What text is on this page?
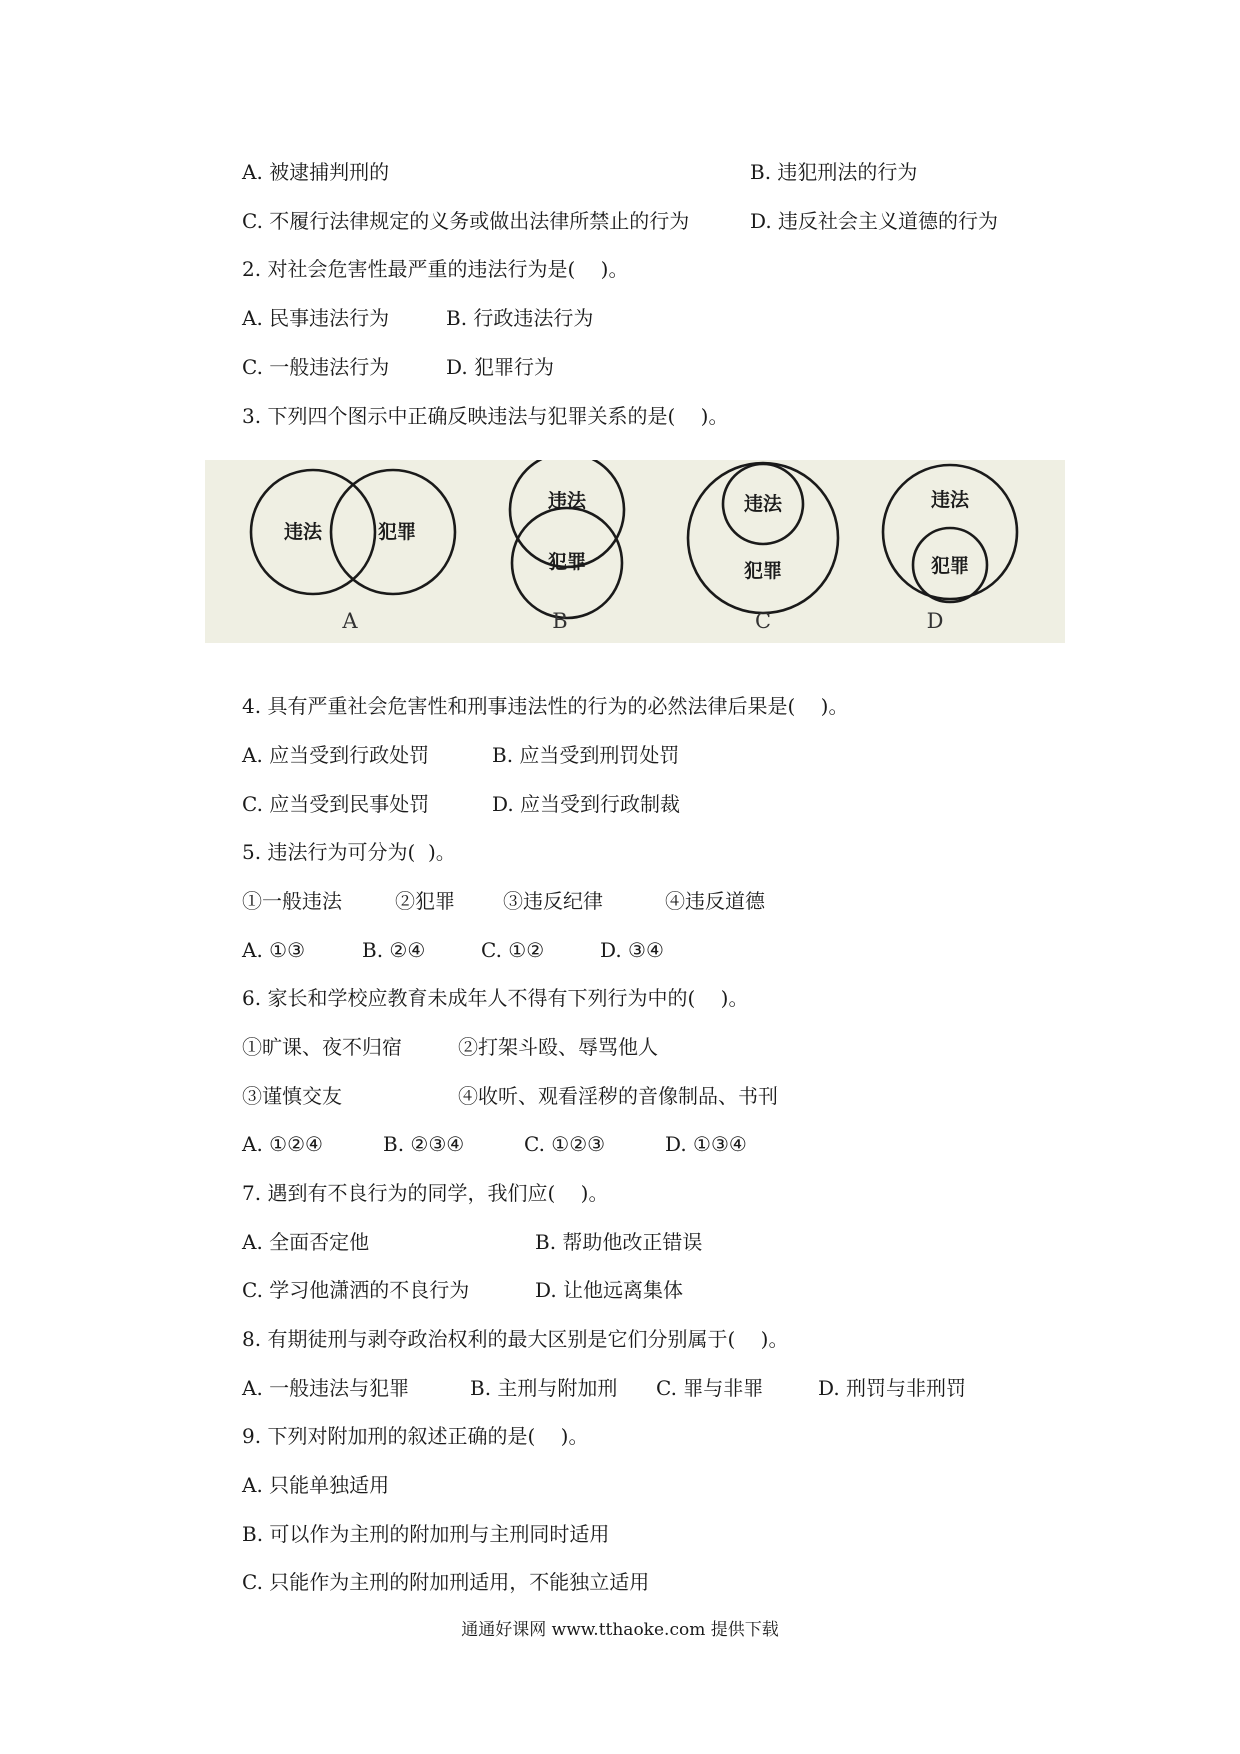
A. 被逮捕判刑的	B. 违犯刑法的行为
C. 不履行法律规定的义务或做出法律所禁止的行为	D. 违反社会主义道德的行为
2. 对社会危害性最严重的违法行为是(    )。
A. 民事违法行为	B. 行政违法行为
C. 一般违法行为	D. 犯罪行为
3. 下列四个图示中正确反映违法与犯罪关系的是(    )。
违法	犯罪
违法
犯罪
违法
犯罪
违法
犯罪
A	B	C	D
4. 具有严重社会危害性和刑事违法性的行为的必然法律后果是(    )。
A. 应当受到行政处罚	B. 应当受到刑罚处罚
C. 应当受到民事处罚	D. 应当受到行政制裁
5. 违法行为可分为(  )。
①一般违法	②犯罪 ③违反纪律	④违反道德
A. ①③	B. ②④	C. ①②	D. ③④
6. 家长和学校应教育未成年人不得有下列行为中的(    )。
①旷课、夜不归宿	②打架斗殴、辱骂他人
③谨慎交友	④收听、观看淫秽的音像制品、书刊
A. ①②④	B. ②③④	C. ①②③	D. ①③④
7. 遇到有不良行为的同学，我们应(    )。
A. 全面否定他	B. 帮助他改正错误
C. 学习他潇洒的不良行为	D. 让他远离集体
8. 有期徒刑与剥夺政治权利的最大区别是它们分别属于(    )。
A. 一般违法与犯罪	B. 主刑与附加刑 C. 罪与非罪	D. 刑罚与非刑罚
9. 下列对附加刑的叙述正确的是(    )。
A. 只能单独适用
B. 可以作为主刑的附加刑与主刑同时适用
C. 只能作为主刑的附加刑适用，不能独立适用
通通好课网 www.tthaoke.com 提供下载
